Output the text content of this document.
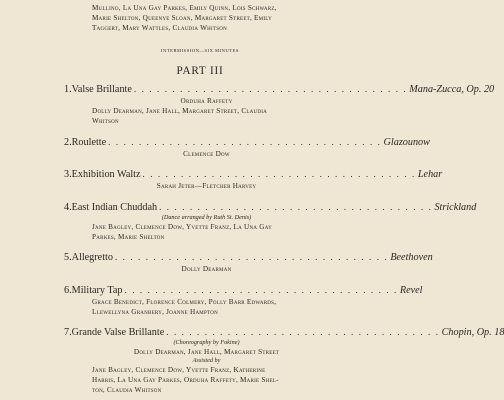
Mullino, La Una Gay Parkes, Emily Quinn, Lois Schwarz,
Marie Shelton, Queenye Sloan, Margaret Street, Emily
Taggert, Mary Wattles, Claudia Whitson
INTERMISSION—SIX MINUTES
PART III
1. Valse Brillante . . . . . . . . . . . . . . . . . . . . . . . . . . . . . . . . . . . . Mana-Zucca, Op. 20
Orduha Raffety
Dolly Dearman, Jane Hall, Margaret Street, Claudia
Whitson
2. Roulette . . . . . . . . . . . . . . . . . . . . . . . . . . . . . . . . . . . . Glazounow
Clemence Dow
3. Exhibition Waltz . . . . . . . . . . . . . . . . . . . . . . . . . . . . . . . . . . . . Lehar
Sarah Jeter—Fletcher Harvey
4. East Indian Chuddah . . . . . . . . . . . . . . . . . . . . . . . . . . . . . . . . . . . . Strickland
(Dance arranged by Ruth St. Denis)
Jane Bagley, Clemence Dow, Yvette Franz, La Una Gay
Parkes, Marie Shelton
5. Allegretto . . . . . . . . . . . . . . . . . . . . . . . . . . . . . . . . . . . . Beethoven
Dolly Dearman
6. Military Tap . . . . . . . . . . . . . . . . . . . . . . . . . . . . . . . . . . . . Revel
Grace Benedict, Florence Colmery, Polly Barr Edwards,
Llewellyna Granbery, Joanne Hampton
7. Grande Valse Brillante . . . . . . . . . . . . . . . . . . . . . . . . . . . . . . . . . . . . Chopin, Op. 18
(Choreography by Fokine)
Dolly Dearman, Jane Hall, Margaret Street
Assisted by
Jane Bagley, Clemence Dow, Yvette Franz, Katherine
Harris, La Una Gay Parkes, Orduha Raffety, Marie Shel-
ton, Claudia Whitson
